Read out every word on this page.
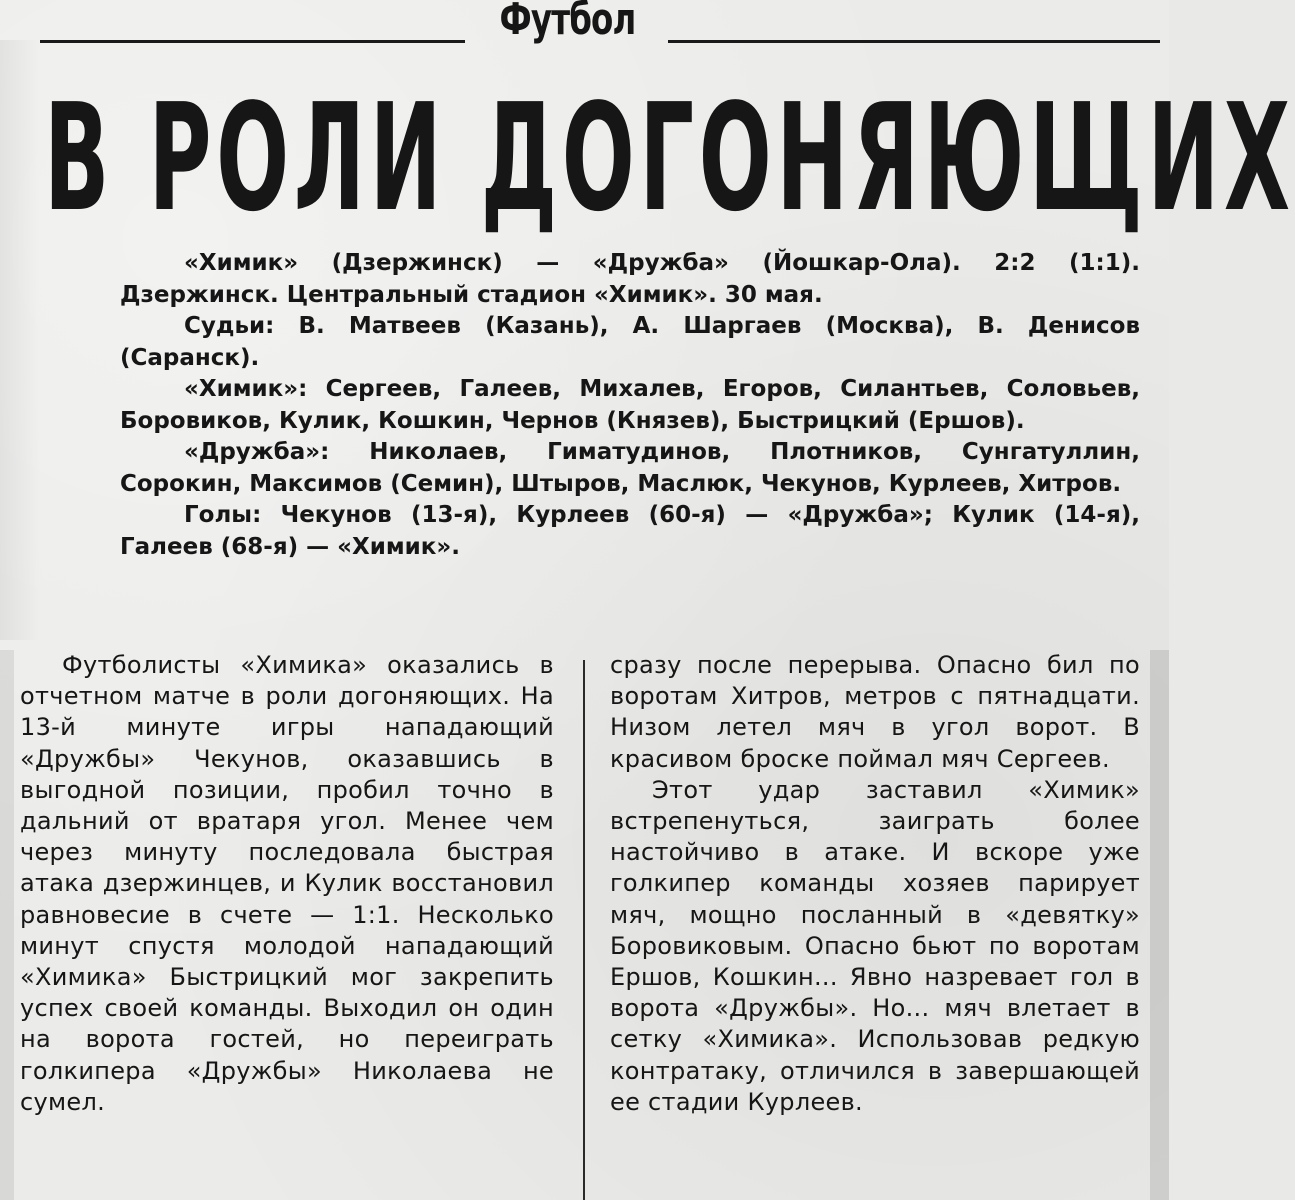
Футбол
В РОЛИ ДОГОНЯЮЩИХ

«Химик» (Дзержинск) — «Дружба» (Йошкар-Ола). 2:2 (1:1). Дзержинск. Центральный стадион «Химик». 30 мая.

Судьи: В. Матвеев (Казань), А. Шаргаев (Москва), В. Денисов (Саранск).

«Химик»: Сергеев, Галеев, Михалев, Егоров, Силантьев, Соловьев, Боровиков, Кулик, Кошкин, Чернов (Князев), Быстрицкий (Ершов).

«Дружба»: Николаев, Гиматудинов, Плотников, Сунгатуллин, Сорокин, Максимов (Семин), Штыров, Маслюк, Чекунов, Курлеев, Хитров.

Голы: Чекунов (13-я), Курлеев (60-я) — «Дружба»; Кулик (14-я), Галеев (68-я) — «Химик».

Футболисты «Химика» оказались в отчетном матче в роли догоняющих. На 13-й минуте игры нападающий «Дружбы» Чекунов, оказавшись в выгодной позиции, пробил точно в дальний от вратаря угол. Менее чем через минуту последовала быстрая атака дзержинцев, и Кулик восстановил равновесие в счете — 1:1. Несколько минут спустя молодой нападающий «Химика» Быстрицкий мог закрепить успех своей команды. Выходил он один на ворота гостей, но переиграть голкипера «Дружбы» Николаева не сумел.

сразу после перерыва. Опасно бил по воротам Хитров, метров с пятнадцати. Низом летел мяч в угол ворот. В красивом броске поймал мяч Сергеев.

Этот удар заставил «Химик» встрепенуться, заиграть более настойчиво в атаке. И вскоре уже голкипер команды хозяев парирует мяч, мощно посланный в «девятку» Боровиковым. Опасно бьют по воротам Ершов, Кошкин... Явно назревает гол в ворота «Дружбы». Но... мяч влетает в сетку «Химика». Использовав редкую контратаку, отличился в завершающей ее стадии Курлеев.
